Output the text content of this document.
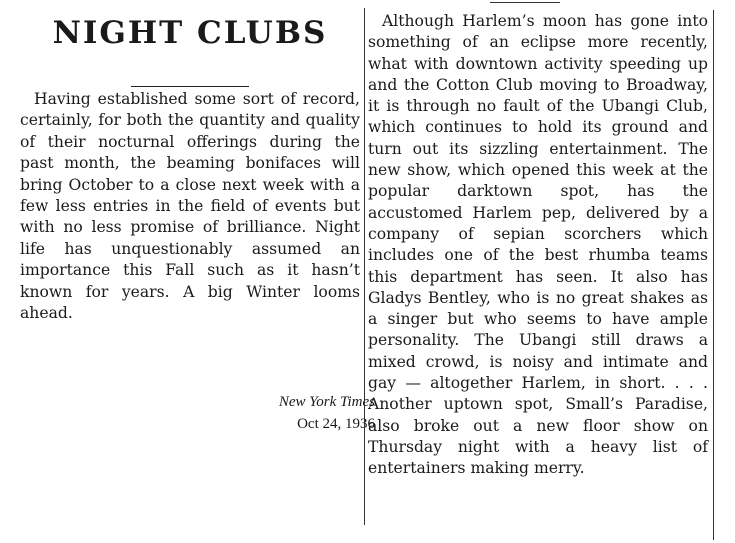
NIGHT CLUBS

Having established some sort of record, certainly, for both the quantity and quality of their nocturnal offerings during the past month, the beaming bonifaces will bring October to a close next week with a few less entries in the field of events but with no less promise of brilliance. Night life has unquestionably assumed an importance this Fall such as it hasn’t known for years. A big Winter looms ahead.

New York Times
Oct 24, 1936

Although Harlem’s moon has gone into something of an eclipse more recently, what with downtown activity speeding up and the Cotton Club moving to Broadway, it is through no fault of the Ubangi Club, which continues to hold its ground and turn out its sizzling entertainment. The new show, which opened this week at the popular darktown spot, has the accustomed Harlem pep, delivered by a company of sepian scorchers which includes one of the best rhumba teams this department has seen. It also has Gladys Bentley, who is no great shakes as a singer but who seems to have ample personality. The Ubangi still draws a mixed crowd, is noisy and intimate and gay — altogether Harlem, in short. . . . Another uptown spot, Small’s Paradise, also broke out a new floor show on Thursday night with a heavy list of entertainers making merry.
